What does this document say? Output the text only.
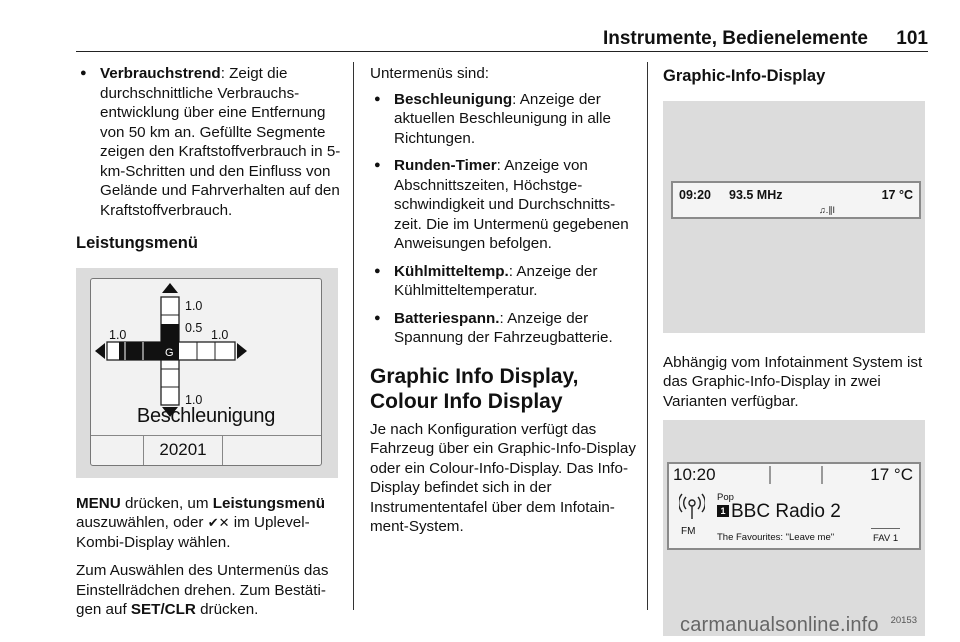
Instrumente, Bedienelemente 101
● Verbrauchstrend: Zeigt die durchschnittliche Verbrauchsentwicklung über eine Entfernung von 50 km an. Gefüllte Segmente zeigen den Kraftstoffverbrauch in 5-km-Schritten und den Einfluss von Gelände und Fahrverhalten auf den Kraftstoffverbrauch.
Leistungsmenü
1.0
0.5
1.0	1.0
G
1.0
Beschleunigung
20201

MENU drücken, um Leistungsmenü auszuwählen, oder ✔✕ im Uplevel-Kombi-Display wählen.

Zum Auswählen des Untermenüs das Einstellrädchen drehen. Zum Bestätigen auf SET/CLR drücken.

Untermenüs sind:

● Beschleunigung: Anzeige der aktuellen Beschleunigung in alle Richtungen.
● Runden-Timer: Anzeige von Abschnittszeiten, Höchstgeschwindigkeit und Durchschnittszeit. Die im Untermenü gegebenen Anweisungen befolgen.
● Kühlmitteltemp.: Anzeige der Kühlmitteltemperatur.
● Batteriespann.: Anzeige der Spannung der Fahrzeugbatterie.
Graphic Info Display, Colour Info Display

Je nach Konfiguration verfügt das Fahrzeug über ein Graphic-Info-Display oder ein Colour-Info-Display. Das Info-Display befindet sich in der Instrumententafel über dem Infotainment-System.

Graphic-Info-Display
09:20 93.5 MHz	17 °C
♫.∥l

Abhängig vom Infotainment System ist das Graphic-Info-Display in zwei Varianten verfügbar.

10:20	17 °C
FM
Pop
1 BBC Radio 2
The Favourites: "Leave me"	FAV 1
20153
carmanualsonline.info
